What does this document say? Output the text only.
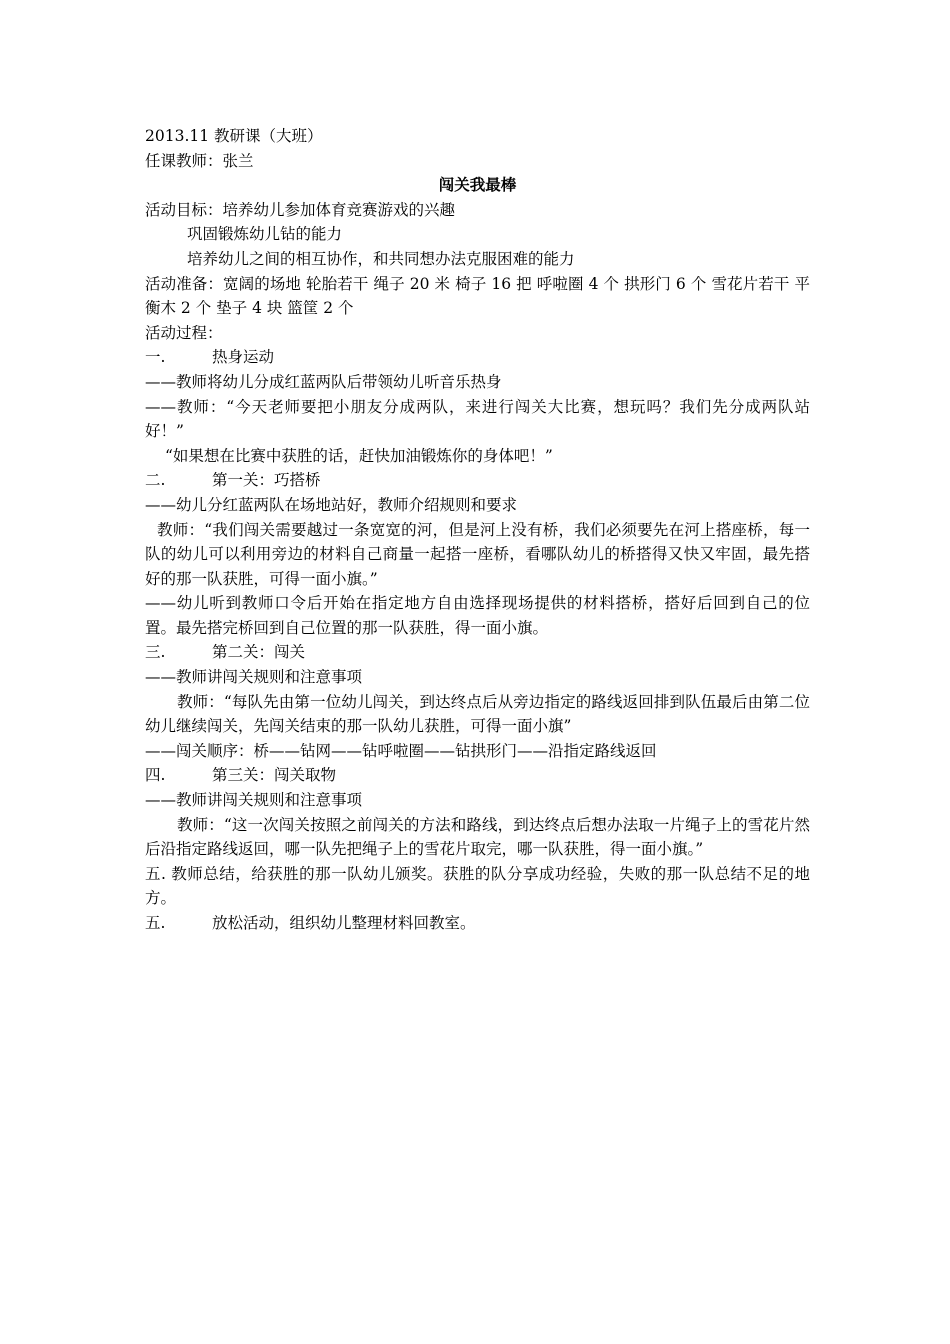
2013.11 教研课（大班）
任课教师：张兰
闯关我最棒
活动目标：培养幼儿参加体育竞赛游戏的兴趣
巩固锻炼幼儿钻的能力
培养幼儿之间的相互协作，和共同想办法克服困难的能力
活动准备：宽阔的场地 轮胎若干 绳子 20 米 椅子 16 把 呼啦圈 4 个 拱形门 6 个 雪花片若干 平衡木 2 个 垫子 4 块 篮筐 2 个
活动过程：
一.	热身运动
——教师将幼儿分成红蓝两队后带领幼儿听音乐热身
——教师：“今天老师要把小朋友分成两队，来进行闯关大比赛，想玩吗？我们先分成两队站好！”
“如果想在比赛中获胜的话，赶快加油锻炼你的身体吧！”
二.	第一关：巧搭桥
——幼儿分红蓝两队在场地站好，教师介绍规则和要求
教师：“我们闯关需要越过一条宽宽的河，但是河上没有桥，我们必须要先在河上搭座桥，每一队的幼儿可以利用旁边的材料自己商量一起搭一座桥，看哪队幼儿的桥搭得又快又牢固，最先搭好的那一队获胜，可得一面小旗。”
——幼儿听到教师口令后开始在指定地方自由选择现场提供的材料搭桥，搭好后回到自己的位置。最先搭完桥回到自己位置的那一队获胜，得一面小旗。
三.	第二关：闯关
——教师讲闯关规则和注意事项
教师：“每队先由第一位幼儿闯关，到达终点后从旁边指定的路线返回排到队伍最后由第二位幼儿继续闯关，先闯关结束的那一队幼儿获胜，可得一面小旗”
——闯关顺序：桥——钻网——钻呼啦圈——钻拱形门——沿指定路线返回
四.	第三关：闯关取物
——教师讲闯关规则和注意事项
教师：“这一次闯关按照之前闯关的方法和路线，到达终点后想办法取一片绳子上的雪花片然后沿指定路线返回，哪一队先把绳子上的雪花片取完，哪一队获胜，得一面小旗。”
五. 教师总结，给获胜的那一队幼儿颁奖。获胜的队分享成功经验，失败的那一队总结不足的地方。
五.	放松活动，组织幼儿整理材料回教室。
